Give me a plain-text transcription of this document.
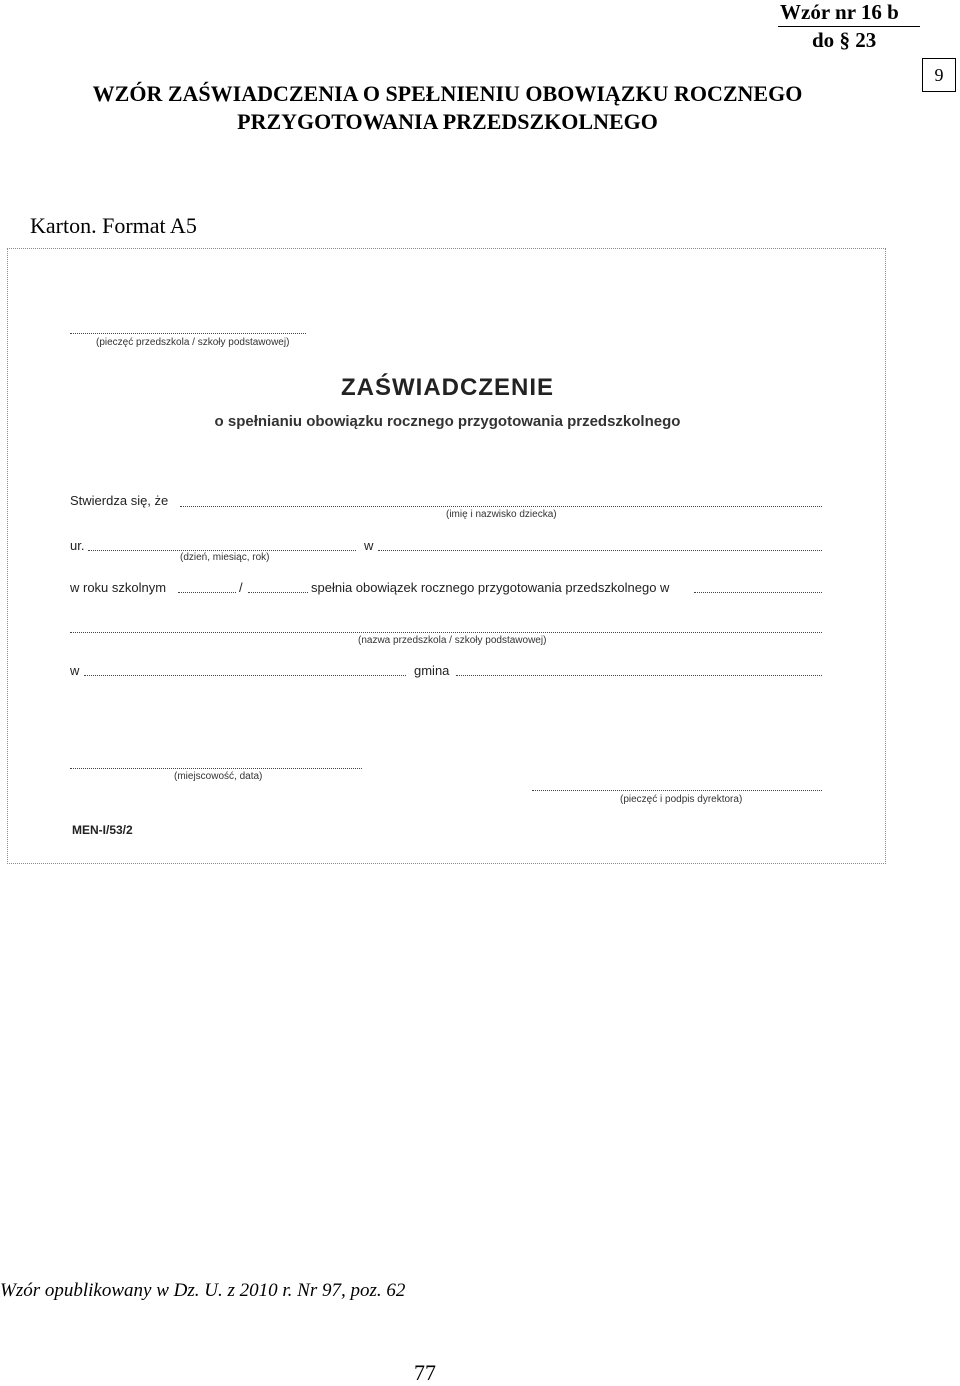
Wzór nr 16 b
do § 23
9
WZÓR ZAŚWIADCZENIA O SPEŁNIENIU OBOWIĄZKU ROCZNEGO
PRZYGOTOWANIA PRZEDSZKOLNEGO
Karton. Format A5
(pieczęć przedszkola / szkoły podstawowej)
ZAŚWIADCZENIE
o spełnianiu obowiązku rocznego przygotowania przedszkolnego
Stwierdza się, że
(imię i nazwisko dziecka)
ur.	w
(dzień, miesiąc, rok)
w roku szkolnym	/	spełnia obowiązek rocznego przygotowania przedszkolnego w
(nazwa przedszkola / szkoły podstawowej)
w	gmina
(miejscowość, data)
(pieczęć i podpis dyrektora)
MEN-I/53/2
Wzór opublikowany w Dz. U. z 2010 r. Nr 97, poz. 62
77
